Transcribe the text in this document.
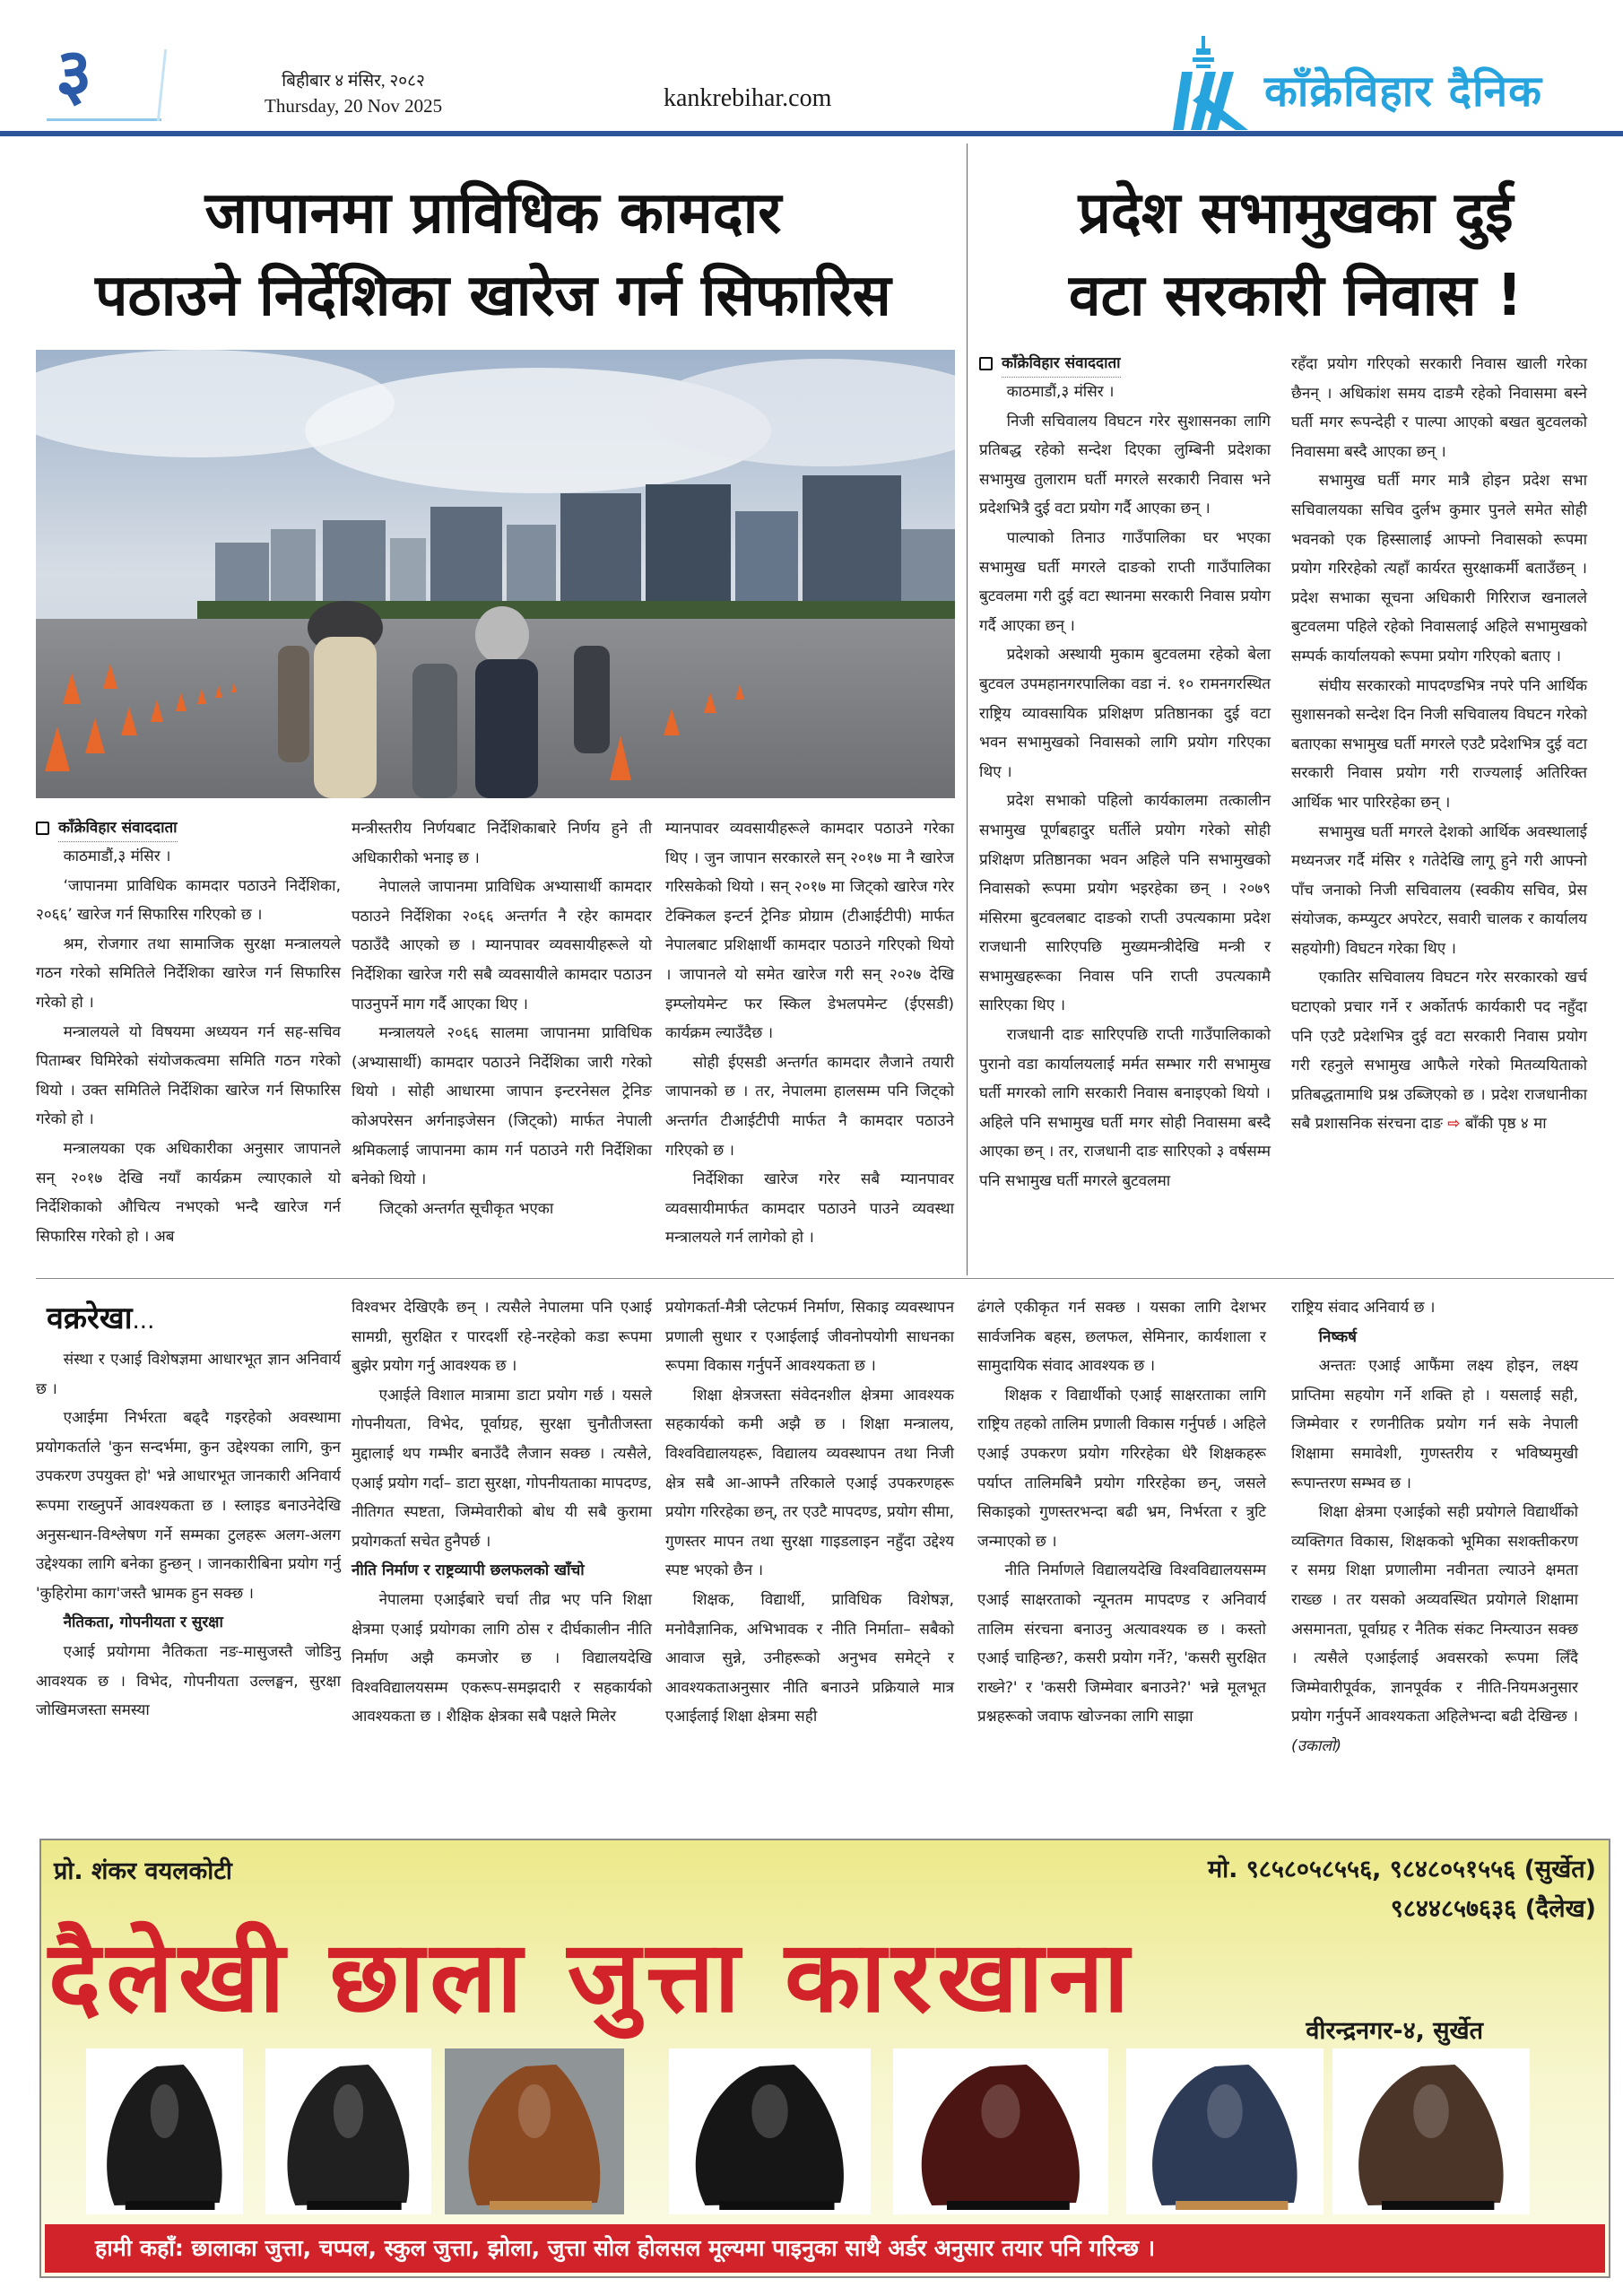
३	बिहीबार ४ मंसिर, २०८२
Thursday, 20 Nov 2025	kankrebihar.com	काँक्रेविहार दैनिक
जापानमा प्राविधिक कामदार
पठाउने निर्देशिका खारेज गर्न सिफारिस
प्रदेश सभामुखका दुई
वटा सरकारी निवास !
काँक्रेविहार संवाददाता
काठमाडौं,३ मंसिर ।

‘जापानमा प्राविधिक कामदार पठाउने निर्देशिका, २०६६’ खारेज गर्न सिफारिस गरिएको छ ।

श्रम, रोजगार तथा सामाजिक सुरक्षा मन्त्रालयले गठन गरेको समितिले निर्देशिका खारेज गर्न सिफारिस गरेको हो ।

मन्त्रालयले यो विषयमा अध्ययन गर्न सह-सचिव पिताम्बर घिमिरेको संयोजकत्वमा समिति गठन गरेको थियो । उक्त समितिले निर्देशिका खारेज गर्न सिफारिस गरेको हो ।

मन्त्रालयका एक अधिकारीका अनुसार जापानले सन् २०१७ देखि नयाँ कार्यक्रम ल्याएकाले यो निर्देशिकाको औचित्य नभएको भन्दै खारेज गर्न सिफारिस गरेको हो । अब

मन्त्रीस्तरीय निर्णयबाट निर्देशिकाबारे निर्णय हुने ती अधिकारीको भनाइ छ ।

नेपालले जापानमा प्राविधिक अभ्यासार्थी कामदार पठाउने निर्देशिका २०६६ अन्तर्गत नै रहेर कामदार पठाउँदै आएको छ । म्यानपावर व्यवसायीहरूले यो निर्देशिका खारेज गरी सबै व्यवसायीले कामदार पठाउन पाउनुपर्ने माग गर्दै आएका थिए ।

मन्त्रालयले २०६६ सालमा जापानमा प्राविधिक (अभ्यासार्थी) कामदार पठाउने निर्देशिका जारी गरेको थियो । सोही आधारमा जापान इन्टरनेसल ट्रेनिङ कोअपरेसन अर्गनाइजेसन (जिट्को) मार्फत नेपाली श्रमिकलाई जापानमा काम गर्न पठाउने गरी निर्देशिका बनेको थियो ।

जिट्को अन्तर्गत सूचीकृत भएका

म्यानपावर व्यवसायीहरूले कामदार पठाउने गरेका थिए । जुन जापान सरकारले सन् २०१७ मा नै खारेज गरिसकेको थियो । सन् २०१७ मा जिट्को खारेज गरेर टेक्निकल इन्टर्न ट्रेनिङ प्रोग्राम (टीआईटीपी) मार्फत नेपालबाट प्रशिक्षार्थी कामदार पठाउने गरिएको थियो । जापानले यो समेत खारेज गरी सन् २०२७ देखि इम्प्लोयमेन्ट फर स्किल डेभलपमेन्ट (ईएसडी) कार्यक्रम ल्याउँदैछ ।

सोही ईएसडी अन्तर्गत कामदार लैजाने तयारी जापानको छ । तर, नेपालमा हालसम्म पनि जिट्को अन्तर्गत टीआईटीपी मार्फत नै कामदार पठाउने गरिएको छ ।

निर्देशिका खारेज गरेर सबै म्यानपावर व्यवसायीमार्फत कामदार पठाउने पाउने व्यवस्था मन्त्रालयले गर्न लागेको हो ।

काँक्रेविहार संवाददाता
काठमाडौं,३ मंसिर ।

निजी सचिवालय विघटन गरेर सुशासनका लागि प्रतिबद्ध रहेको सन्देश दिएका लुम्बिनी प्रदेशका सभामुख तुलाराम घर्ती मगरले सरकारी निवास भने प्रदेशभित्रै दुई वटा प्रयोग गर्दै आएका छन् ।

पाल्पाको तिनाउ गाउँपालिका घर भएका सभामुख घर्ती मगरले दाङको राप्ती गाउँपालिका बुटवलमा गरी दुई वटा स्थानमा सरकारी निवास प्रयोग गर्दै आएका छन् ।

प्रदेशको अस्थायी मुकाम बुटवलमा रहेको बेला बुटवल उपमहानगरपालिका वडा नं. १० रामनगरस्थित राष्ट्रिय व्यावसायिक प्रशिक्षण प्रतिष्ठानका दुई वटा भवन सभामुखको निवासको लागि प्रयोग गरिएका थिए ।

प्रदेश सभाको पहिलो कार्यकालमा तत्कालीन सभामुख पूर्णबहादुर घर्तीले प्रयोग गरेको सोही प्रशिक्षण प्रतिष्ठानका भवन अहिले पनि सभामुखको निवासको रूपमा प्रयोग भइरहेका छन् । २०७९ मंसिरमा बुटवलबाट दाङको राप्ती उपत्यकामा प्रदेश राजधानी सारिएपछि मुख्यमन्त्रीदेखि मन्त्री र सभामुखहरूका निवास पनि राप्ती उपत्यकामै सारिएका थिए ।

राजधानी दाङ सारिएपछि राप्ती गाउँपालिकाको पुरानो वडा कार्यालयलाई मर्मत सम्भार गरी सभामुख घर्ती मगरको लागि सरकारी निवास बनाइएको थियो । अहिले पनि सभामुख घर्ती मगर सोही निवासमा बस्दै आएका छन् । तर, राजधानी दाङ सारिएको ३ वर्षसम्म पनि सभामुख घर्ती मगरले बुटवलमा

रहँदा प्रयोग गरिएको सरकारी निवास खाली गरेका छैनन् । अधिकांश समय दाङमै रहेको निवासमा बस्ने घर्ती मगर रूपन्देही र पाल्पा आएको बखत बुटवलको निवासमा बस्दै आएका छन् ।

सभामुख घर्ती मगर मात्रै होइन प्रदेश सभा सचिवालयका सचिव दुर्लभ कुमार पुनले समेत सोही भवनको एक हिस्सालाई आफ्नो निवासको रूपमा प्रयोग गरिरहेको त्यहाँ कार्यरत सुरक्षाकर्मी बताउँछन् । प्रदेश सभाका सूचना अधिकारी गिरिराज खनालले बुटवलमा पहिले रहेको निवासलाई अहिले सभामुखको सम्पर्क कार्यालयको रूपमा प्रयोग गरिएको बताए ।

संघीय सरकारको मापदण्डभित्र नपरे पनि आर्थिक सुशासनको सन्देश दिन निजी सचिवालय विघटन गरेको बताएका सभामुख घर्ती मगरले एउटै प्रदेशभित्र दुई वटा सरकारी निवास प्रयोग गरी राज्यलाई अतिरिक्त आर्थिक भार पारिरहेका छन् ।

सभामुख घर्ती मगरले देशको आर्थिक अवस्थालाई मध्यनजर गर्दै मंसिर १ गतेदेखि लागू हुने गरी आफ्नो पाँच जनाको निजी सचिवालय (स्वकीय सचिव, प्रेस संयोजक, कम्प्युटर अपरेटर, सवारी चालक र कार्यालय सहयोगी) विघटन गरेका थिए ।

एकातिर सचिवालय विघटन गरेर सरकारको खर्च घटाएको प्रचार गर्ने र अर्कोतर्फ कार्यकारी पद नहुँदा पनि एउटै प्रदेशभित्र दुई वटा सरकारी निवास प्रयोग गरी रहनुले सभामुख आफैले गरेको मितव्ययिताको प्रतिबद्धतामाथि प्रश्न उब्जिएको छ । प्रदेश राजधानीका सबै प्रशासनिक संरचना दाङ ⇨ बाँकी पृष्ठ ४ मा

वक्ररेखा...

संस्था र एआई विशेषज्ञमा आधारभूत ज्ञान अनिवार्य छ ।

एआईमा निर्भरता बढ्दै गइरहेको अवस्थामा प्रयोगकर्ताले 'कुन सन्दर्भमा, कुन उद्देश्यका लागि, कुन उपकरण उपयुक्त हो' भन्ने आधारभूत जानकारी अनिवार्य रूपमा राख्नुपर्ने आवश्यकता छ । स्लाइड बनाउनेदेखि अनुसन्धान-विश्लेषण गर्ने सम्मका टुलहरू अलग-अलग उद्देश्यका लागि बनेका हुन्छन् । जानकारीबिना प्रयोग गर्नु 'कुहिरोमा काग'जस्तै भ्रामक हुन सक्छ ।

नैतिकता, गोपनीयता र सुरक्षा

एआई प्रयोगमा नैतिकता नङ-मासुजस्तै जोडिनु आवश्यक छ । विभेद, गोपनीयता उल्लङ्घन, सुरक्षा जोखिमजस्ता समस्या

विश्वभर देखिएकै छन् । त्यसैले नेपालमा पनि एआई सामग्री, सुरक्षित र पारदर्शी रहे-नरहेको कडा रूपमा बुझेर प्रयोग गर्नु आवश्यक छ ।

एआईले विशाल मात्रामा डाटा प्रयोग गर्छ । यसले गोपनीयता, विभेद, पूर्वाग्रह, सुरक्षा चुनौतीजस्ता मुद्दालाई थप गम्भीर बनाउँदै लैजान सक्छ । त्यसैले, एआई प्रयोग गर्दा– डाटा सुरक्षा, गोपनीयताका मापदण्ड, नीतिगत स्पष्टता, जिम्मेवारीको बोध यी सबै कुरामा प्रयोगकर्ता सचेत हुनैपर्छ ।

नीति निर्माण र राष्ट्रव्यापी छलफलको खाँचो

नेपालमा एआईबारे चर्चा तीव्र भए पनि शिक्षा क्षेत्रमा एआई प्रयोगका लागि ठोस र दीर्घकालीन नीति निर्माण अझै कमजोर छ । विद्यालयदेखि विश्वविद्यालयसम्म एकरूप-समझदारी र सहकार्यको आवश्यकता छ । शैक्षिक क्षेत्रका सबै पक्षले मिलेर

प्रयोगकर्ता-मैत्री प्लेटफर्म निर्माण, सिकाइ व्यवस्थापन प्रणाली सुधार र एआईलाई जीवनोपयोगी साधनका रूपमा विकास गर्नुपर्ने आवश्यकता छ ।

शिक्षा क्षेत्रजस्ता संवेदनशील क्षेत्रमा आवश्यक सहकार्यको कमी अझै छ । शिक्षा मन्त्रालय, विश्वविद्यालयहरू, विद्यालय व्यवस्थापन तथा निजी क्षेत्र सबै आ-आफ्नै तरिकाले एआई उपकरणहरू प्रयोग गरिरहेका छन्, तर एउटै मापदण्ड, प्रयोग सीमा, गुणस्तर मापन तथा सुरक्षा गाइडलाइन नहुँदा उद्देश्य स्पष्ट भएको छैन ।

शिक्षक, विद्यार्थी, प्राविधिक विशेषज्ञ, मनोवैज्ञानिक, अभिभावक र नीति निर्माता– सबैको आवाज सुन्ने, उनीहरूको अनुभव समेट्ने र आवश्यकताअनुसार नीति बनाउने प्रक्रियाले मात्र एआईलाई शिक्षा क्षेत्रमा सही

ढंगले एकीकृत गर्न सक्छ । यसका लागि देशभर सार्वजनिक बहस, छलफल, सेमिनार, कार्यशाला र सामुदायिक संवाद आवश्यक छ ।

शिक्षक र विद्यार्थीको एआई साक्षरताका लागि राष्ट्रिय तहको तालिम प्रणाली विकास गर्नुपर्छ । अहिले एआई उपकरण प्रयोग गरिरहेका धेरै शिक्षकहरू पर्याप्त तालिमबिनै प्रयोग गरिरहेका छन्, जसले सिकाइको गुणस्तरभन्दा बढी भ्रम, निर्भरता र त्रुटि जन्माएको छ ।

नीति निर्माणले विद्यालयदेखि विश्वविद्यालयसम्म एआई साक्षरताको न्यूनतम मापदण्ड र अनिवार्य तालिम संरचना बनाउनु अत्यावश्यक छ । कस्तो एआई चाहिन्छ?, कसरी प्रयोग गर्ने?, 'कसरी सुरक्षित राख्ने?' र 'कसरी जिम्मेवार बनाउने?' भन्ने मूलभूत प्रश्नहरूको जवाफ खोज्नका लागि साझा

राष्ट्रिय संवाद अनिवार्य छ ।

निष्कर्ष

अन्ततः एआई आफैंमा लक्ष्य होइन, लक्ष्य प्राप्तिमा सहयोग गर्ने शक्ति हो । यसलाई सही, जिम्मेवार र रणनीतिक प्रयोग गर्न सके नेपाली शिक्षामा समावेशी, गुणस्तरीय र भविष्यमुखी रूपान्तरण सम्भव छ ।

शिक्षा क्षेत्रमा एआईको सही प्रयोगले विद्यार्थीको व्यक्तिगत विकास, शिक्षकको भूमिका सशक्तीकरण र समग्र शिक्षा प्रणालीमा नवीनता ल्याउने क्षमता राख्छ । तर यसको अव्यवस्थित प्रयोगले शिक्षामा असमानता, पूर्वाग्रह र नैतिक संकट निम्त्याउन सक्छ । त्यसैले एआईलाई अवसरको रूपमा लिँदै जिम्मेवारीपूर्वक, ज्ञानपूर्वक र नीति-नियमअनुसार प्रयोग गर्नुपर्ने आवश्यकता अहिलेभन्दा बढी देखिन्छ ।(उकालो)

प्रो. शंकर वयलकोटी	मो. ९८५८०५८५५६, ९८४८०५१५५६ (सुर्खेत)
९८४४८५७६३६ (दैलेख)
दैलेखी छाला जुत्ता कारखाना	वीरन्द्रनगर-४, सुर्खेत
हामी कहाँ: छालाका जुत्ता, चप्पल, स्कुल जुत्ता, झोला, जुत्ता सोल होलसल मूल्यमा पाइनुका साथै अर्डर अनुसार तयार पनि गरिन्छ ।
